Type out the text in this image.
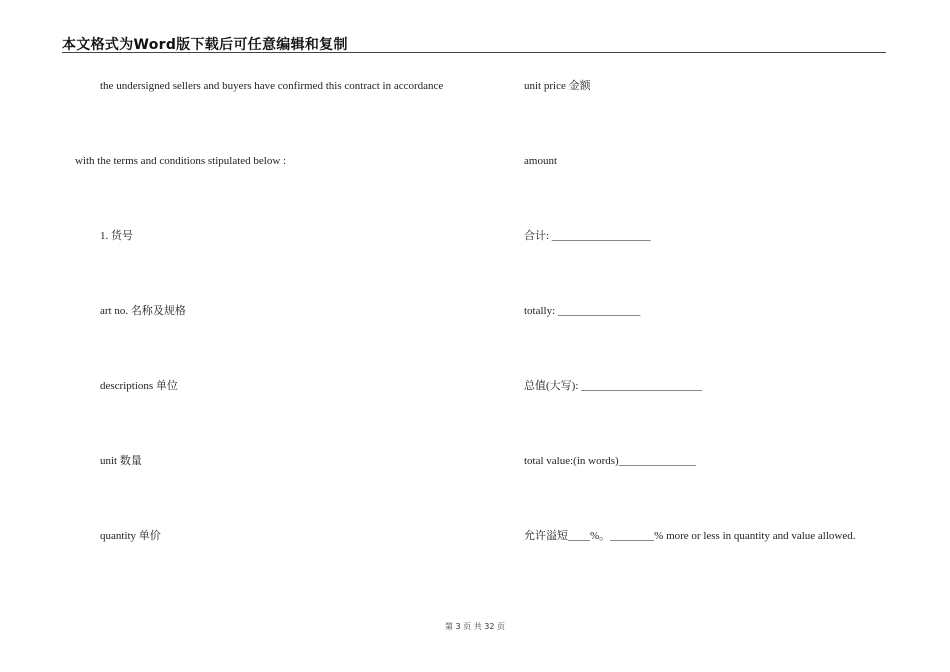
本文格式为Word版下载后可任意编辑和复制
the undersigned sellers and buyers have confirmed this contract in accordance
with the terms and conditions stipulated below :
1. 货号
art no. 名称及规格
descriptions 单位
unit 数量
quantity 单价
unit price 金额
amount
合计: __________________
totally: _______________
总值(大写): ______________________
total value:(in words)______________
允许溢短____%。________% more or less in quantity and value allowed.
第 3 页 共 32 页
